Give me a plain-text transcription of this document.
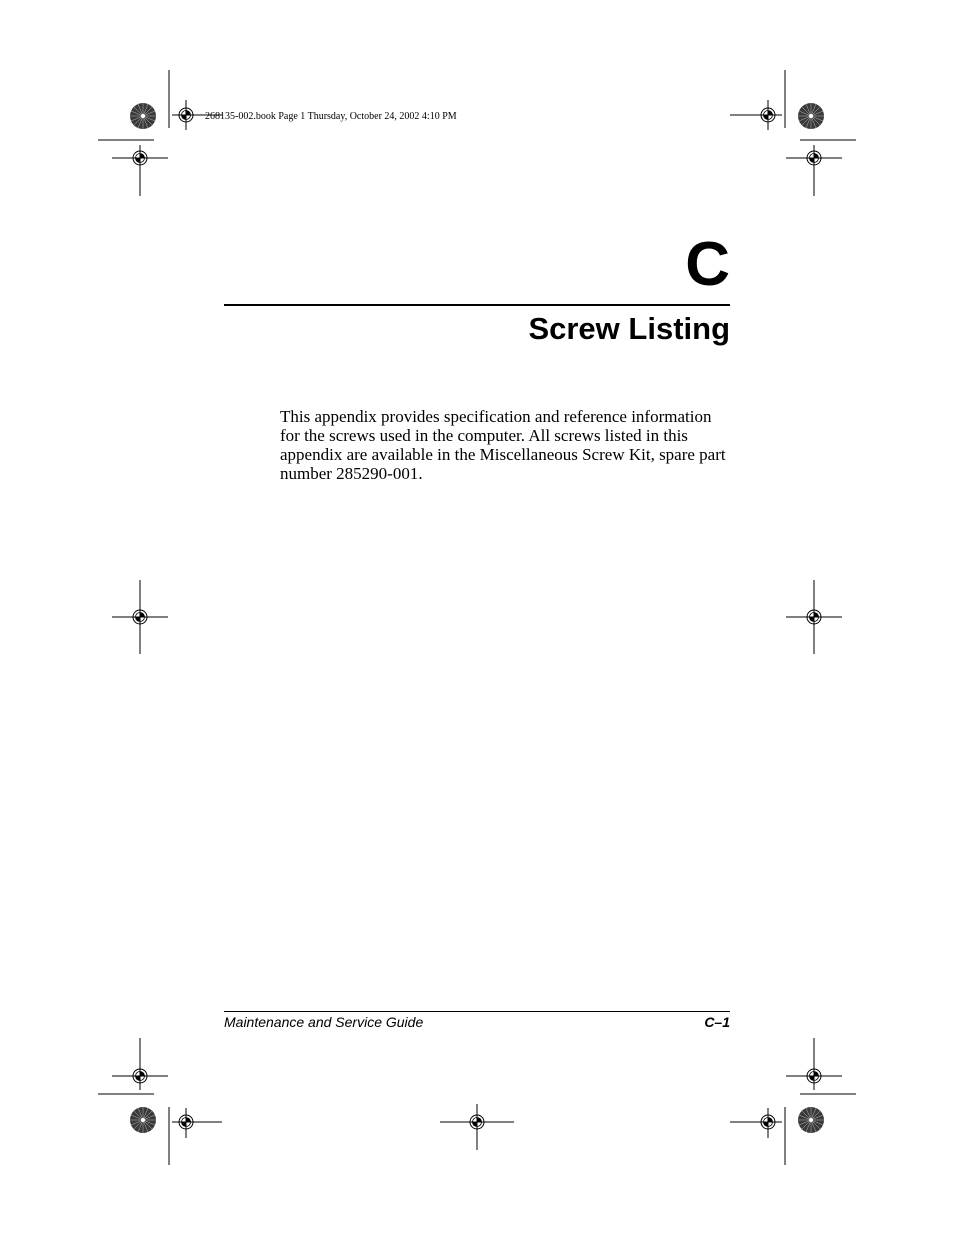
268135-002.book Page 1 Thursday, October 24, 2002 4:10 PM
C
Screw Listing

This appendix provides specification and reference information for the screws used in the computer. All screws listed in this appendix are available in the Miscellaneous Screw Kit, spare part number 285290-001.

Maintenance and Service Guide	C–1
